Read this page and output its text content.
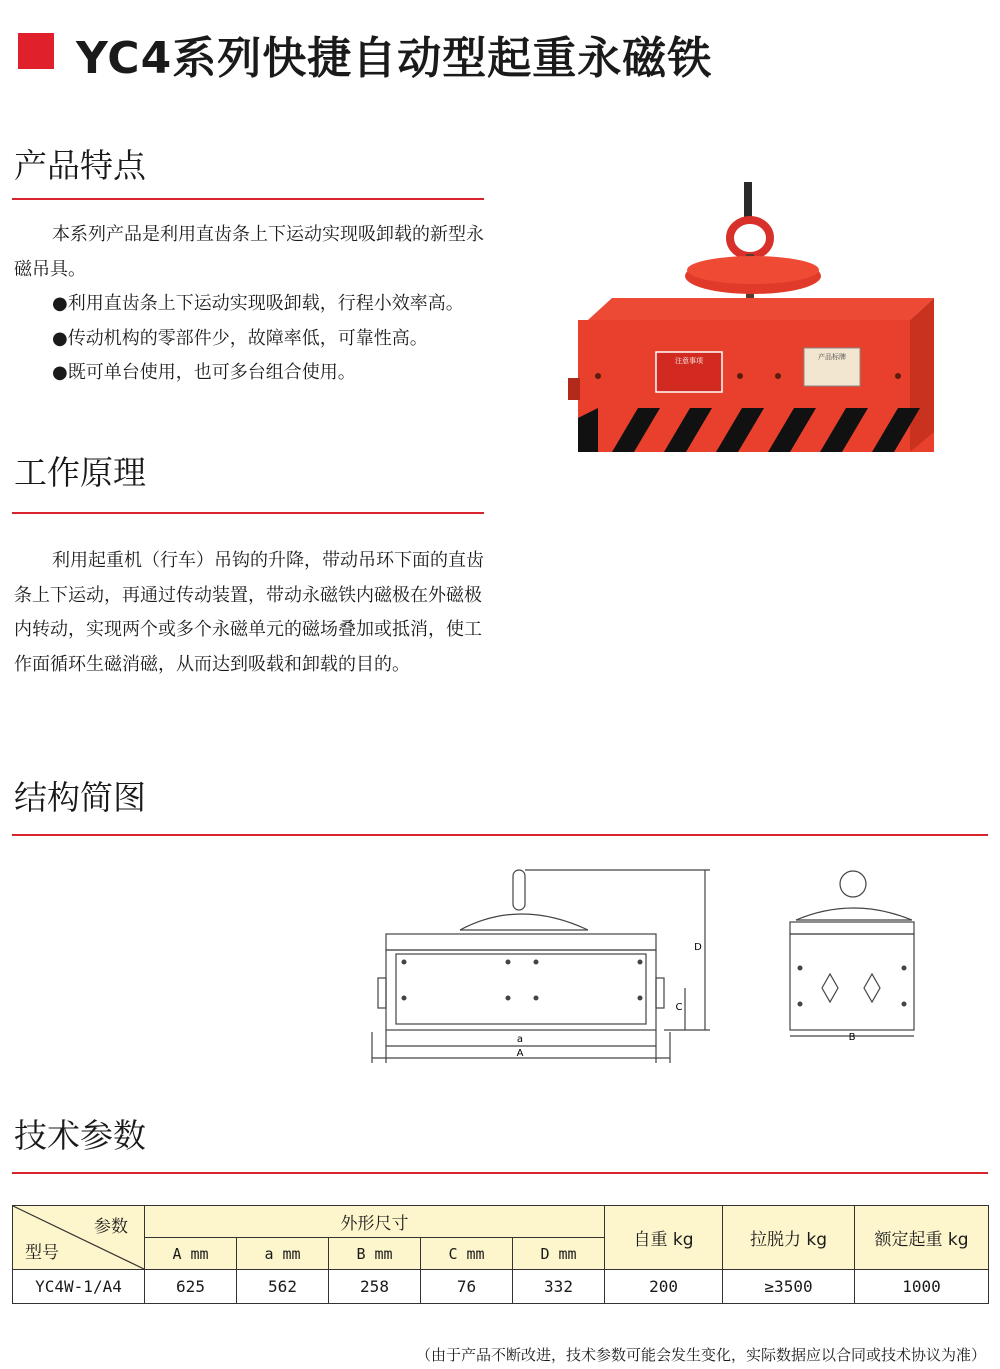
YC4系列快捷自动型起重永磁铁
产品特点

本系列产品是利用直齿条上下运动实现吸卸载的新型永磁吊具。

●利用直齿条上下运动实现吸卸载，行程小效率高。
●传动机构的零部件少，故障率低，可靠性高。
●既可单台使用，也可多台组合使用。
注意事项	产品标牌
工作原理

利用起重机（行车）吊钩的升降，带动吊环下面的直齿条上下运动，再通过传动装置，带动永磁铁内磁极在外磁极内转动，实现两个或多个永磁单元的磁场叠加或抵消，使工作面循环生磁消磁，从而达到吸载和卸载的目的。

结构简图
a
A
D
C
B
技术参数
参数
型号	外形尺寸					自重 kg	拉脱力 kg	额定起重 kg
	A mm	a mm	B mm	C mm	D mm			
YC4W-1/A4	625	562	258	76	332	200	≥3500	1000
（由于产品不断改进，技术参数可能会发生变化，实际数据应以合同或技术协议为准）
